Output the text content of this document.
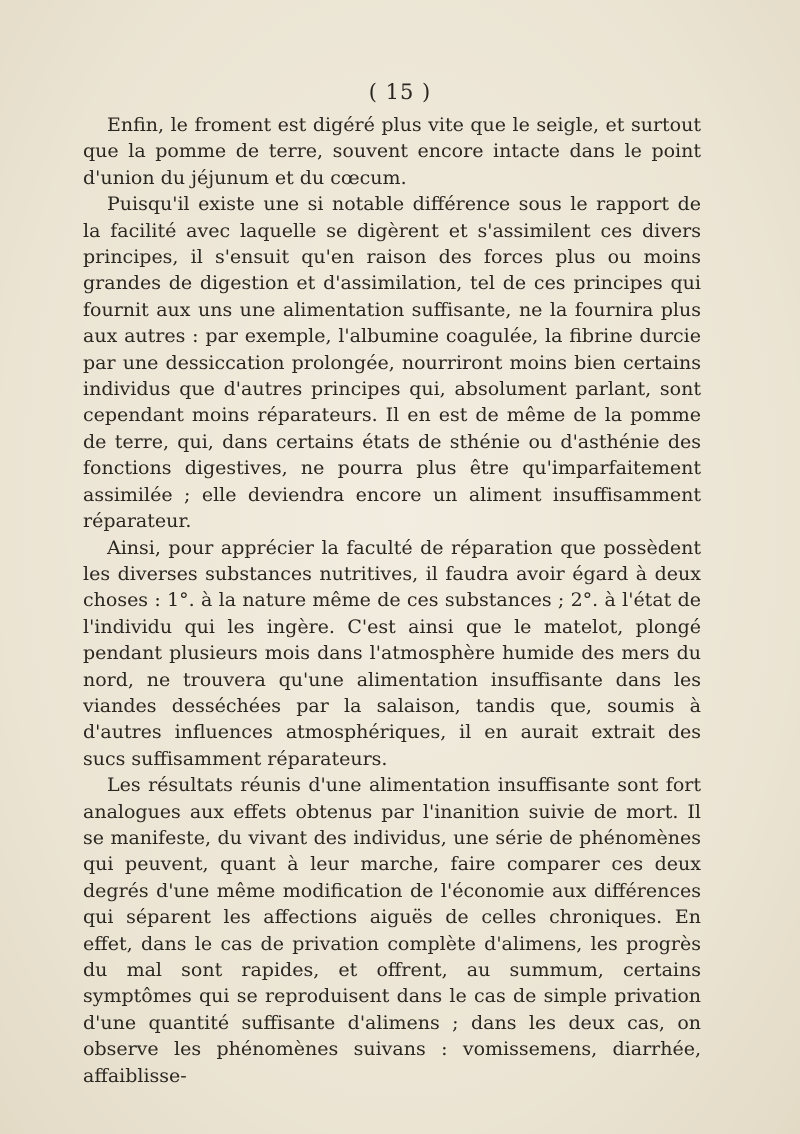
( 15 )

Enfin, le froment est digéré plus vite que le seigle, et surtout que la pomme de terre, souvent encore intacte dans le point d'union du jéjunum et du cœcum.

Puisqu'il existe une si notable différence sous le rapport de la facilité avec laquelle se digèrent et s'assimilent ces divers principes, il s'ensuit qu'en raison des forces plus ou moins grandes de digestion et d'assimilation, tel de ces principes qui fournit aux uns une alimentation suffisante, ne la fournira plus aux autres : par exemple, l'albumine coagulée, la fibrine durcie par une dessiccation prolongée, nourriront moins bien certains individus que d'autres principes qui, absolument parlant, sont cependant moins réparateurs. Il en est de même de la pomme de terre, qui, dans certains états de sthénie ou d'asthénie des fonctions digestives, ne pourra plus être qu'imparfaitement assimilée ; elle deviendra encore un aliment insuffisamment réparateur.

Ainsi, pour apprécier la faculté de réparation que possèdent les diverses substances nutritives, il faudra avoir égard à deux choses : 1°. à la nature même de ces substances ; 2°. à l'état de l'individu qui les ingère. C'est ainsi que le matelot, plongé pendant plusieurs mois dans l'atmosphère humide des mers du nord, ne trouvera qu'une alimentation insuffisante dans les viandes desséchées par la salaison, tandis que, soumis à d'autres influences atmosphériques, il en aurait extrait des sucs suffisamment réparateurs.

Les résultats réunis d'une alimentation insuffisante sont fort analogues aux effets obtenus par l'inanition suivie de mort. Il se manifeste, du vivant des individus, une série de phénomènes qui peuvent, quant à leur marche, faire comparer ces deux degrés d'une même modification de l'économie aux différences qui séparent les affections aiguës de celles chroniques. En effet, dans le cas de privation complète d'alimens, les progrès du mal sont rapides, et offrent, au summum, certains symptômes qui se reproduisent dans le cas de simple privation d'une quantité suffisante d'alimens ; dans les deux cas, on observe les phénomènes suivans : vomissemens, diarrhée, affaiblisse-
